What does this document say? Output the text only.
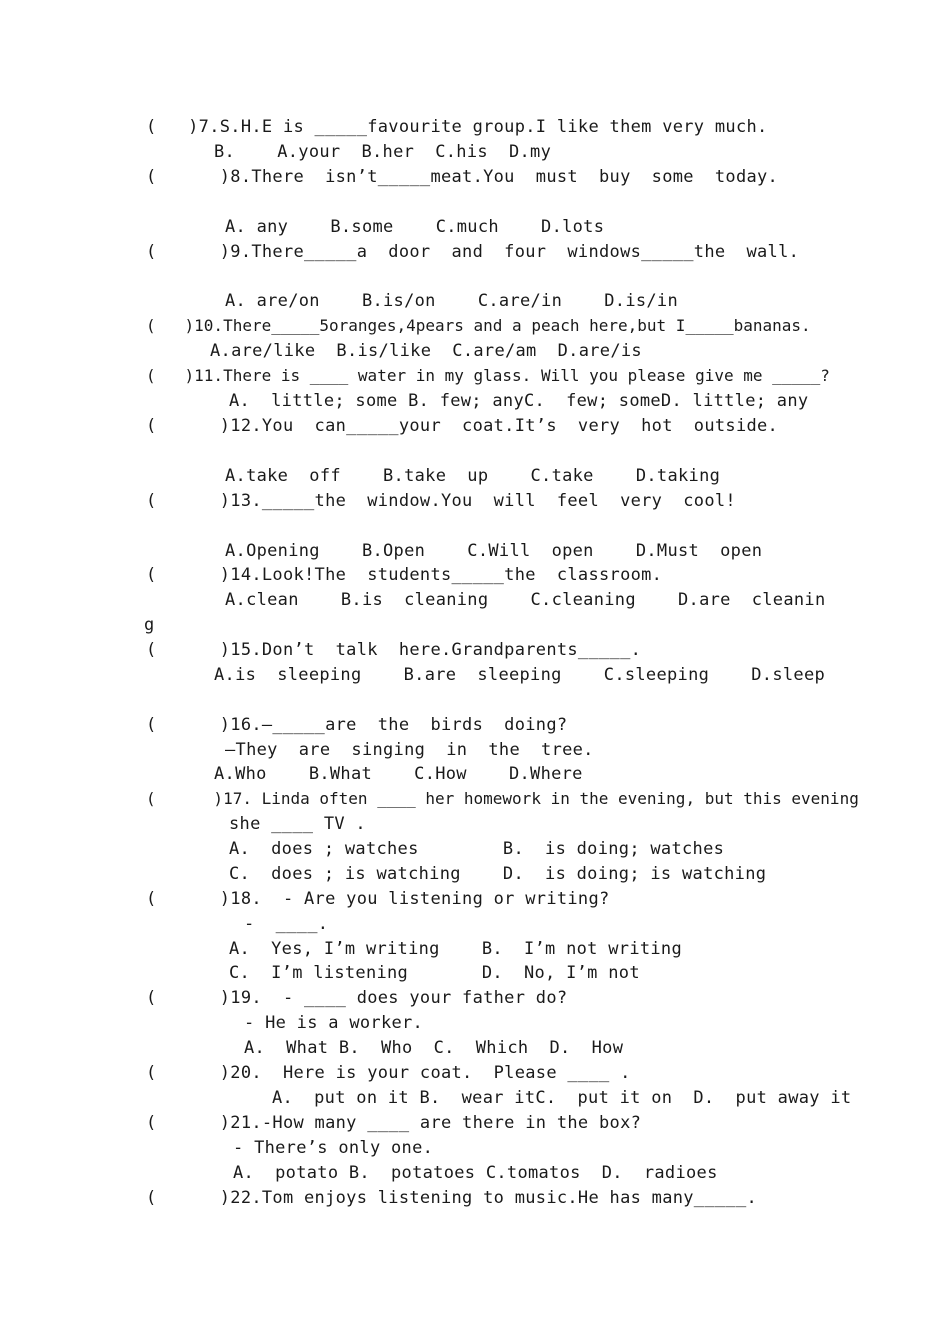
(   )7.S.H.E is _____favourite group.I like them very much.
B.    A.your  B.her  C.his  D.my
(      )8.There  isn’t_____meat.You  must  buy  some  today.
A. any    B.some    C.much    D.lots
(      )9.There_____a  door  and  four  windows_____the  wall.
A. are/on    B.is/on    C.are/in    D.is/in
(   )10.There_____5oranges,4pears and a peach here,but I_____bananas.
A.are/like  B.is/like  C.are/am  D.are/is
(   )11.There is ____ water in my glass. Will you please give me _____?
A.  little; some B. few; anyC.  few; someD. little; any
(      )12.You  can_____your  coat.It’s  very  hot  outside.
A.take  off    B.take  up    C.take    D.taking
(      )13._____the  window.You  will  feel  very  cool!
A.Opening    B.Open    C.Will  open    D.Must  open
(      )14.Look!The  students_____the  classroom.
A.clean    B.is  cleaning    C.cleaning    D.are  cleanin
g
(      )15.Don’t  talk  here.Grandparents_____.
A.is  sleeping    B.are  sleeping    C.sleeping    D.sleep
(      )16.—_____are  the  birds  doing?
—They  are  singing  in  the  tree.
A.Who    B.What    C.How    D.Where
(      )17. Linda often ____ her homework in the evening, but this evening
she ____ TV .
A.  does ; watches        B.  is doing; watches
C.  does ; is watching    D.  is doing; is watching
(      )18.  - Are you listening or writing?
-  ____.
A.  Yes, I’m writing    B.  I’m not writing
C.  I’m listening       D.  No, I’m not
(      )19.  - ____ does your father do?
- He is a worker.
A.  What B.  Who  C.  Which  D.  How
(      )20.  Here is your coat.  Please ____ .
A.  put on it B.  wear itC.  put it on  D.  put away it
(      )21.-How many ____ are there in the box?
- There’s only one.
A.  potato B.  potatoes C.tomatos  D.  radioes
(      )22.Tom enjoys listening to music.He has many_____.
